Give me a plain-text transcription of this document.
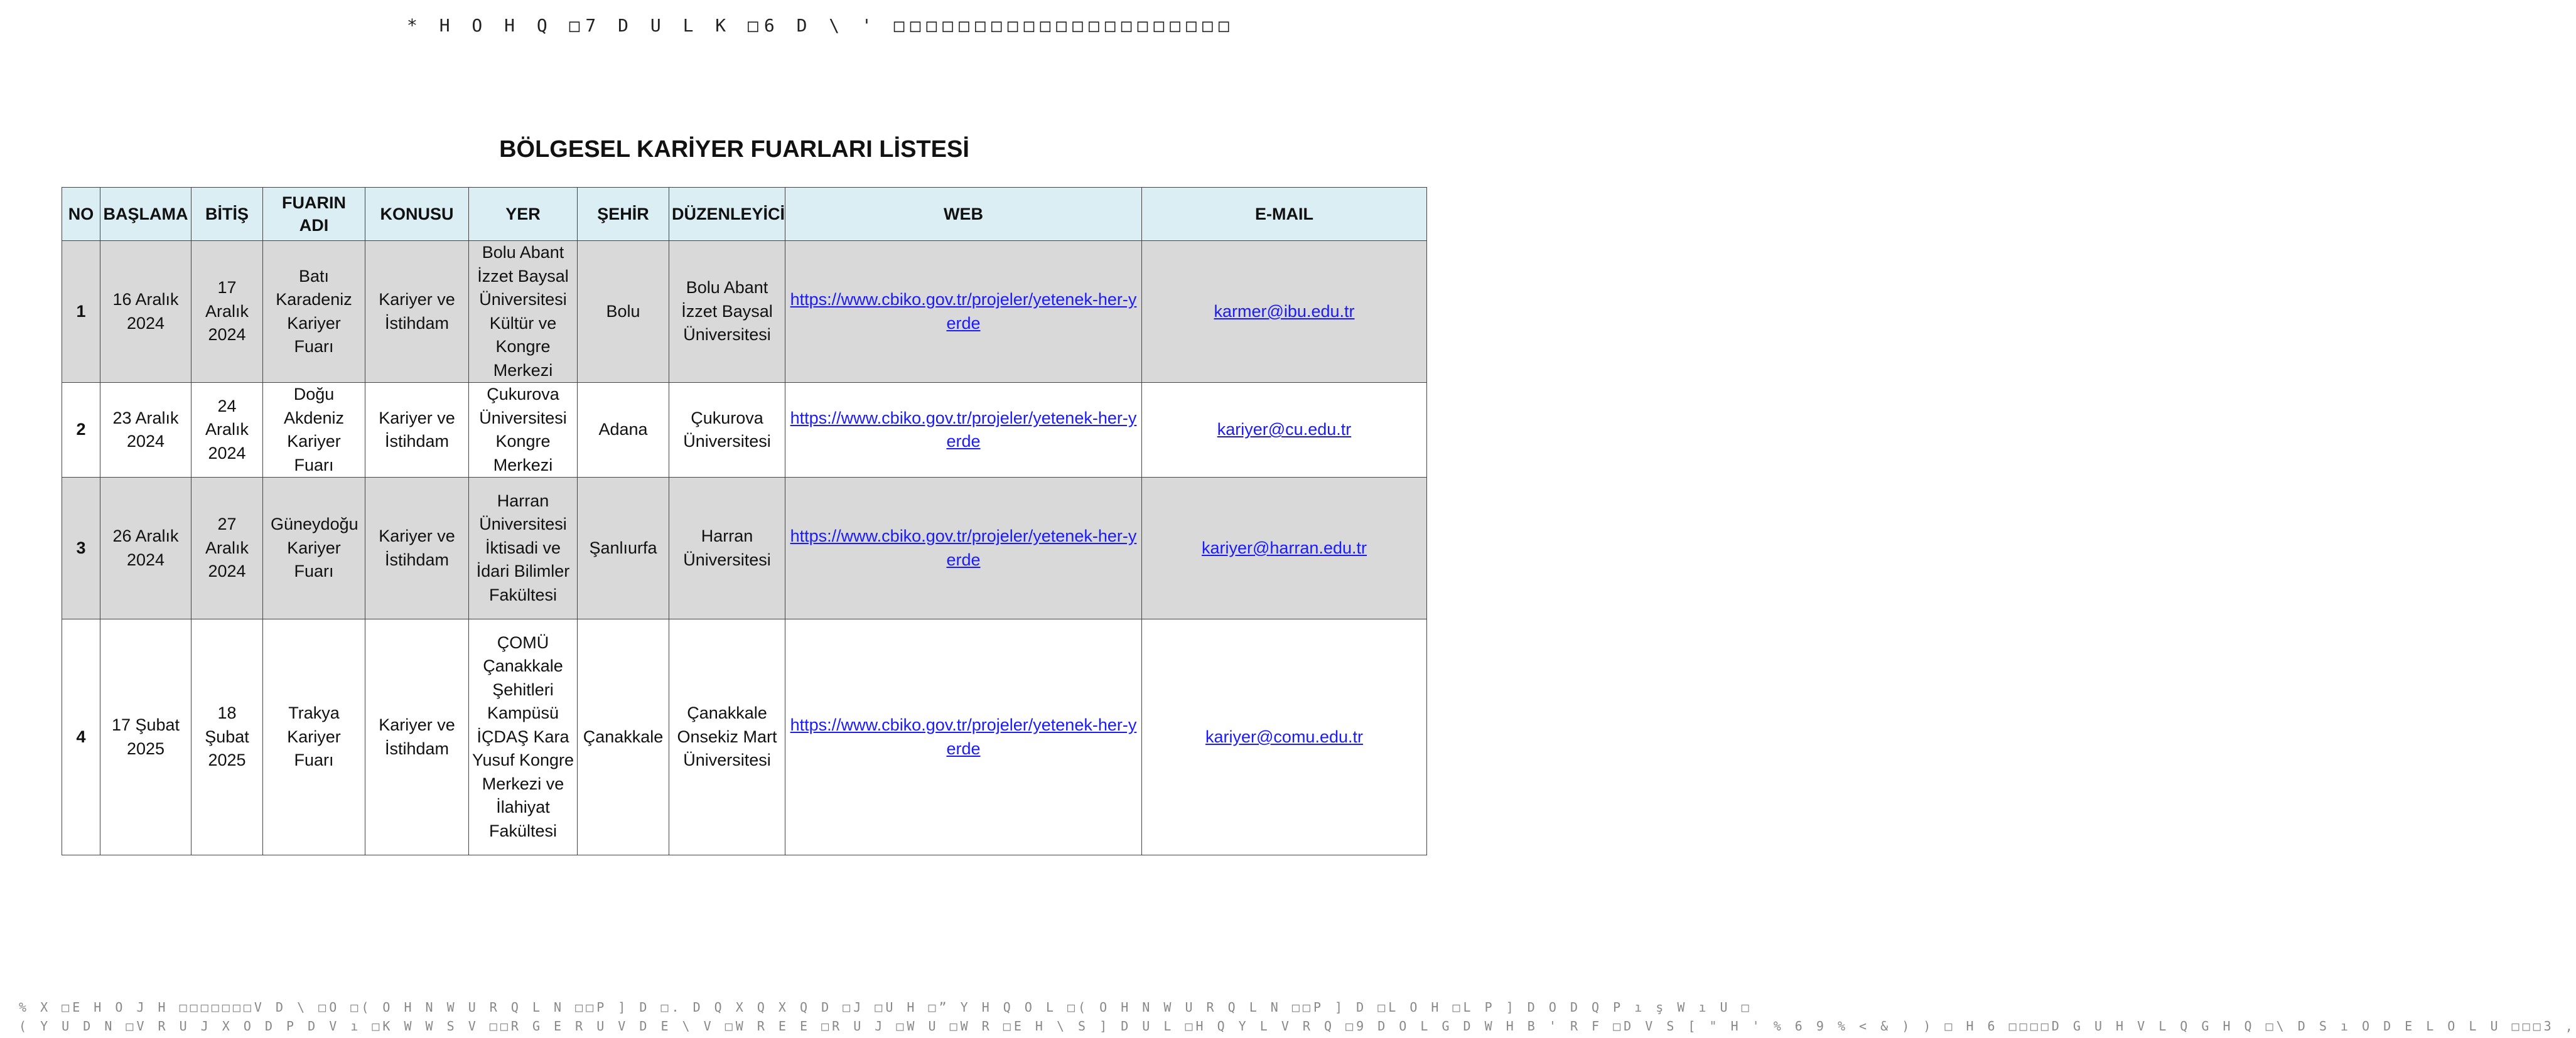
* H O H Q □7 D U L K □6 D \ ' □□□□□□□□□□□□□□□□□□□□□
BÖLGESEL KARİYER FUARLARI LİSTESİ
NO	BAŞLAMA	BİTİŞ	FUARIN ADI	KONUSU	YER	ŞEHİR	DÜZENLEYİCİ	WEB	E-MAIL
1	16 Aralık 2024	17 Aralık 2024	Batı Karadeniz Kariyer Fuarı	Kariyer ve İstihdam	Bolu Abant İzzet Baysal Üniversitesi Kültür ve Kongre Merkezi	Bolu	Bolu Abant İzzet Baysal Üniversitesi	https://www.cbiko.gov.tr/projeler/yetenek-her-yerde	karmer@ibu.edu.tr
2	23 Aralık 2024	24 Aralık 2024	Doğu Akdeniz Kariyer Fuarı	Kariyer ve İstihdam	Çukurova Üniversitesi Kongre Merkezi	Adana	Çukurova Üniversitesi	https://www.cbiko.gov.tr/projeler/yetenek-her-yerde	kariyer@cu.edu.tr
3	26 Aralık 2024	27 Aralık 2024	Güneydoğu Kariyer Fuarı	Kariyer ve İstihdam	Harran Üniversitesi İktisadi ve İdari Bilimler Fakültesi	Şanlıurfa	Harran Üniversitesi	https://www.cbiko.gov.tr/projeler/yetenek-her-yerde	kariyer@harran.edu.tr
4	17 Şubat 2025	18 Şubat 2025	Trakya Kariyer Fuarı	Kariyer ve İstihdam	ÇOMÜ Çanakkale Şehitleri Kampüsü İÇDAŞ Kara Yusuf Kongre Merkezi ve İlahiyat Fakültesi	Çanakkale	Çanakkale Onsekiz Mart Üniversitesi	https://www.cbiko.gov.tr/projeler/yetenek-her-yerde	kariyer@comu.edu.tr
% X □E H O J H □□□□□□□V D \ □O □( O H N W U R Q L N □□P ] D □. D Q X Q X Q D □J □U H □” Y H Q O L □( O H N W U R Q L N □□P ] D □L O H □L P ] D O D Q P ı ş W ı U □
( Y U D N □V R U J X O D P D V ı □K W W S V □□R G E R U V D E \ V □W R E E □R U J □W U □W R □E H \ S ] D U L □H Q Y L V R Q □9 D O L G D W H B ' R F □D V S [ " H ' % 6 9 % < & ) ) □ H 6 □□□□D G U H V L Q G H Q □\ D S ı O D E L O L U □□□3 ,
